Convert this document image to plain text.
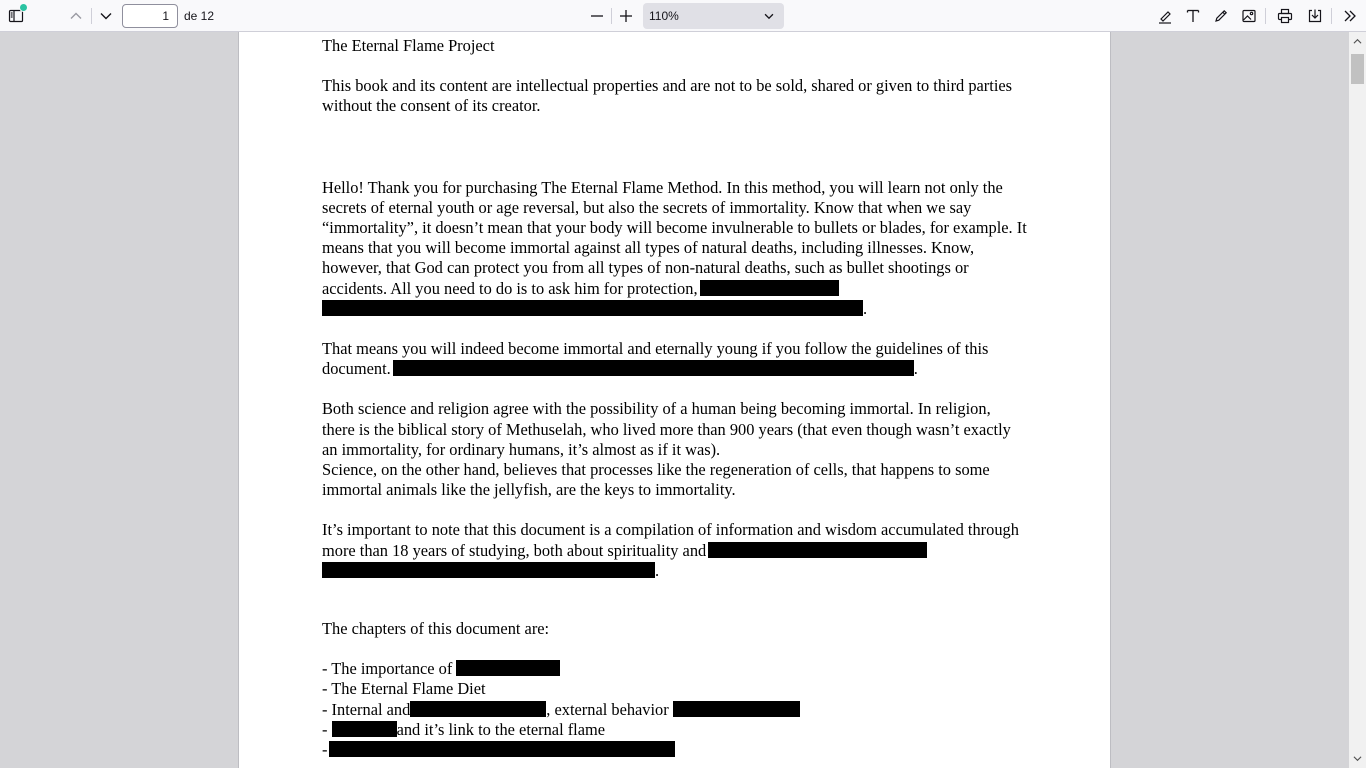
1
de 12	110%

The Eternal Flame Project

This book and its content are intellectual properties and are not to be sold, shared or given to third parties without the consent of its creator.

Hello! Thank you for purchasing The Eternal Flame Method. In this method, you will learn not only the secrets of eternal youth or age reversal, but also the secrets of immortality. Know that when we say “immortality”, it doesn’t mean that your body will become invulnerable to bullets or blades, for example. It means that you will become immortal against all types of natural deaths, including illnesses. Know, however, that God can protect you from all types of non-natural deaths, such as bullet shootings or accidents. All you need to do is to ask him for protection,
.

That means you will indeed become immortal and eternally young if you follow the guidelines of this document.	.

Both science and religion agree with the possibility of a human being becoming immortal. In religion, there is the biblical story of Methuselah, who lived more than 900 years (that even though wasn’t exactly an immortality, for ordinary humans, it’s almost as if it was).

Science, on the other hand, believes that processes like the regeneration of cells, that happens to some immortal animals like the jellyfish, are the keys to immortality.

It’s important to note that this document is a compilation of information and wisdom accumulated through more than 18 years of studying, both about spirituality and
.

The chapters of this document are:

- The importance of

- The Eternal Flame Diet

- Internal and	, external behavior

-	and it’s link to the eternal flame

-
